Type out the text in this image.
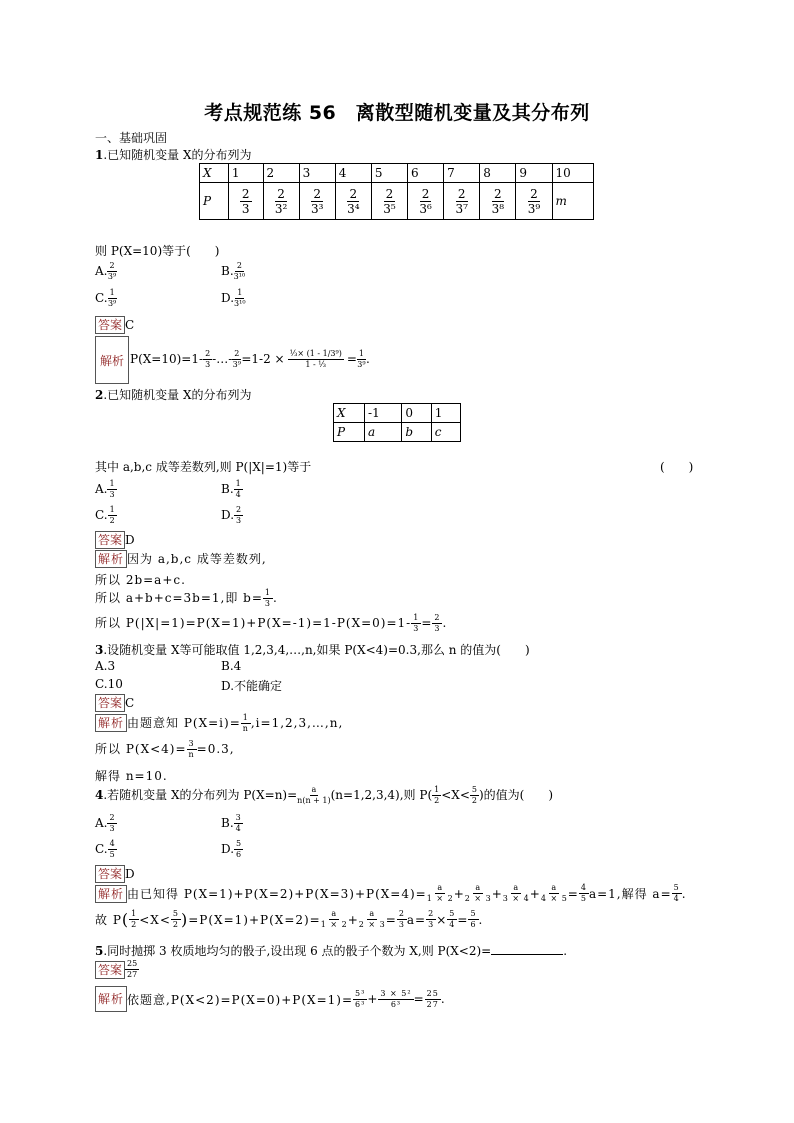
考点规范练 56　离散型随机变量及其分布列
一、基础巩固
1.已知随机变量 X的分布列为
X	1	2	3	4	5	6	7	8	9	10
P	$\frac{2}{3}$	$\frac{2}{\text{3²}}$	$\frac{2}{\text{3³}}$	$\frac{2}{\text{3⁴}}$	$\frac{2}{\text{3⁵}}$	$\frac{2}{\text{3⁶}}$	$\frac{2}{\text{3⁷}}$	$\frac{2}{\text{3⁸}}$	$\frac{2}{\text{3⁹}}$	m
则 P(X=10)等于(　　)
A. $\frac{2}{\text{3⁹}}$	B. $\frac{2}{\text{3¹⁰}}$
C. $\frac{1}{\text{3⁹}}$	D. $\frac{1}{\text{3¹⁰}}$
答案 C
解析 $P(X=10)=1- \frac{2}{3}$ -…- $\frac{2}{\text{3⁹}} =1-2 \times \frac{\text{⅓× (1 - 1/3⁹)}}{\text{1 - ⅓}} = \frac{1}{\text{3⁹}}$ .
2.已知随机变量 X的分布列为
X	-1	0	1
P	a	b	c
其中 a,b,c 成等差数列,则 P(|X|=1)等于	(　　)
A. $\frac{1}{3}$	B. $\frac{1}{4}$
C. $\frac{1}{2}$	D. $\frac{2}{3}$
答案 D
解析 因为 a,b,c 成等差数列,
所以 2b=a+c.
所以 a+b+c=3b=1,即 $b= \frac{1}{3}$ .
所以 $P(|X|=1)=P(X=1)+P(X=-1)=1-P(X=0)=1- \frac{1}{3} = \frac{2}{3}$ .
3.设随机变量 X等可能取值 1,2,3,4,…,n,如果 P(X<4)=0.3,那么 n 的值为(　　)
A.3	B.4
C.10	D.不能确定
答案 C
解析 由题意知 $P(X=i)= \frac{1}{n}$ ,i=1,2,3,…,n,
所以 $P(X<4)= \frac{3}{n} =0.3$,
解得 n=10.
4.若随机变量 X的分布列为 $P(X=n)= \frac{a}{n(n + 1)} (n=1,2,3,4)$,则 $P( \frac{1}{2} <X< \frac{5}{2}$ )的值为(　　)
A. $\frac{2}{3}$	B. $\frac{3}{4}$
C. $\frac{4}{5}$	D. $\frac{5}{6}$
答案 D
解析 由已知得 $P(X=1)+P(X=2)+P(X=3)+P(X=4)= \frac{a}{1 \times 2} + \frac{a}{2 \times 3} + \frac{a}{3 \times 4} + \frac{a}{4 \times 5} = \frac{4}{5} a=1$,解得 $a= \frac{5}{4}$ .
故 P ( $\frac{1}{2} <X< \frac{5}{2}$ ) $=P(X=1)+P(X=2)= \frac{a}{1 \times 2} + \frac{a}{2 \times 3} = \frac{2}{3} a= \frac{2}{3} \times \frac{5}{4} = \frac{5}{6}$ .
5.同时抛掷 3 枚质地均匀的骰子,设出现 6 点的骰子个数为 X,则 P(X<2)=	.
答案 $\frac{25}{27}$
解析 依题意$,P(X<2)=P(X=0)+P(X=1)= \frac{\text{5³}}{\text{6³}} + \frac{\text{3 × 5²}}{\text{6³}} = \frac{25}{27}$ .
